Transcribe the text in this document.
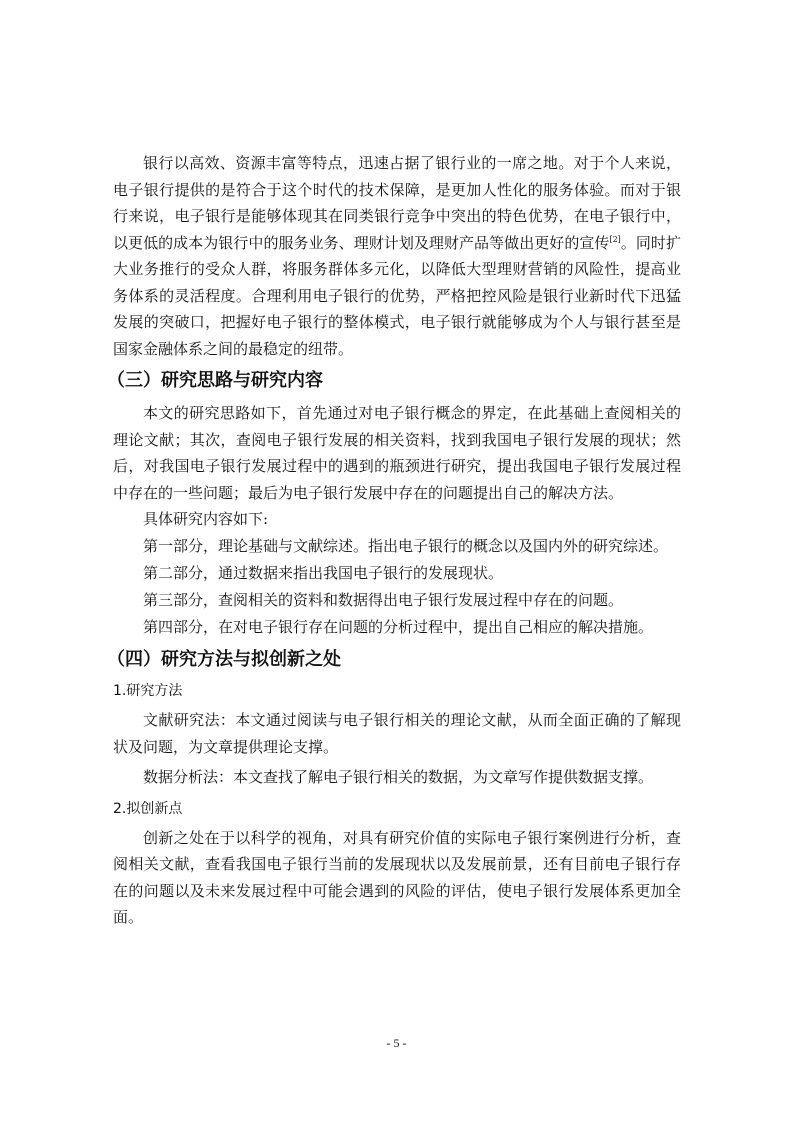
银行以高效、资源丰富等特点，迅速占据了银行业的一席之地。对于个人来说，电子银行提供的是符合于这个时代的技术保障，是更加人性化的服务体验。而对于银行来说，电子银行是能够体现其在同类银行竞争中突出的特色优势，在电子银行中，以更低的成本为银行中的服务业务、理财计划及理财产品等做出更好的宣传[2]。同时扩大业务推行的受众人群，将服务群体多元化，以降低大型理财营销的风险性，提高业务体系的灵活程度。合理利用电子银行的优势，严格把控风险是银行业新时代下迅猛发展的突破口，把握好电子银行的整体模式，电子银行就能够成为个人与银行甚至是国家金融体系之间的最稳定的纽带。

（三）研究思路与研究内容

本文的研究思路如下，首先通过对电子银行概念的界定，在此基础上查阅相关的理论文献；其次，查阅电子银行发展的相关资料，找到我国电子银行发展的现状；然后，对我国电子银行发展过程中的遇到的瓶颈进行研究，提出我国电子银行发展过程中存在的一些问题；最后为电子银行发展中存在的问题提出自己的解决方法。

具体研究内容如下:

第一部分，理论基础与文献综述。指出电子银行的概念以及国内外的研究综述。

第二部分，通过数据来指出我国电子银行的发展现状。

第三部分，查阅相关的资料和数据得出电子银行发展过程中存在的问题。

第四部分，在对电子银行存在问题的分析过程中，提出自己相应的解决措施。

（四）研究方法与拟创新之处
1.研究方法

文献研究法：本文通过阅读与电子银行相关的理论文献，从而全面正确的了解现状及问题，为文章提供理论支撑。

数据分析法：本文查找了解电子银行相关的数据，为文章写作提供数据支撑。

2.拟创新点

创新之处在于以科学的视角，对具有研究价值的实际电子银行案例进行分析，查阅相关文献，查看我国电子银行当前的发展现状以及发展前景，还有目前电子银行存在的问题以及未来发展过程中可能会遇到的风险的评估，使电子银行发展体系更加全面。

- 5 -
